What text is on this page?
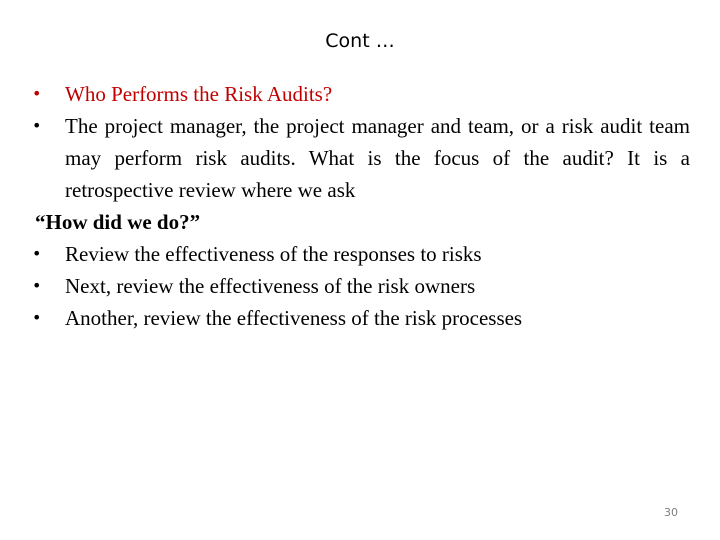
Cont …
•	Who Performs the Risk Audits?
•	The project manager, the project manager and team, or a risk audit team may perform risk audits. What is the focus of the audit? It is a retrospective review where we ask
“How did we do?”
•	Review the effectiveness of the responses to risks
•	Next, review the effectiveness of the risk owners
•	Another, review the effectiveness of the risk processes
30
